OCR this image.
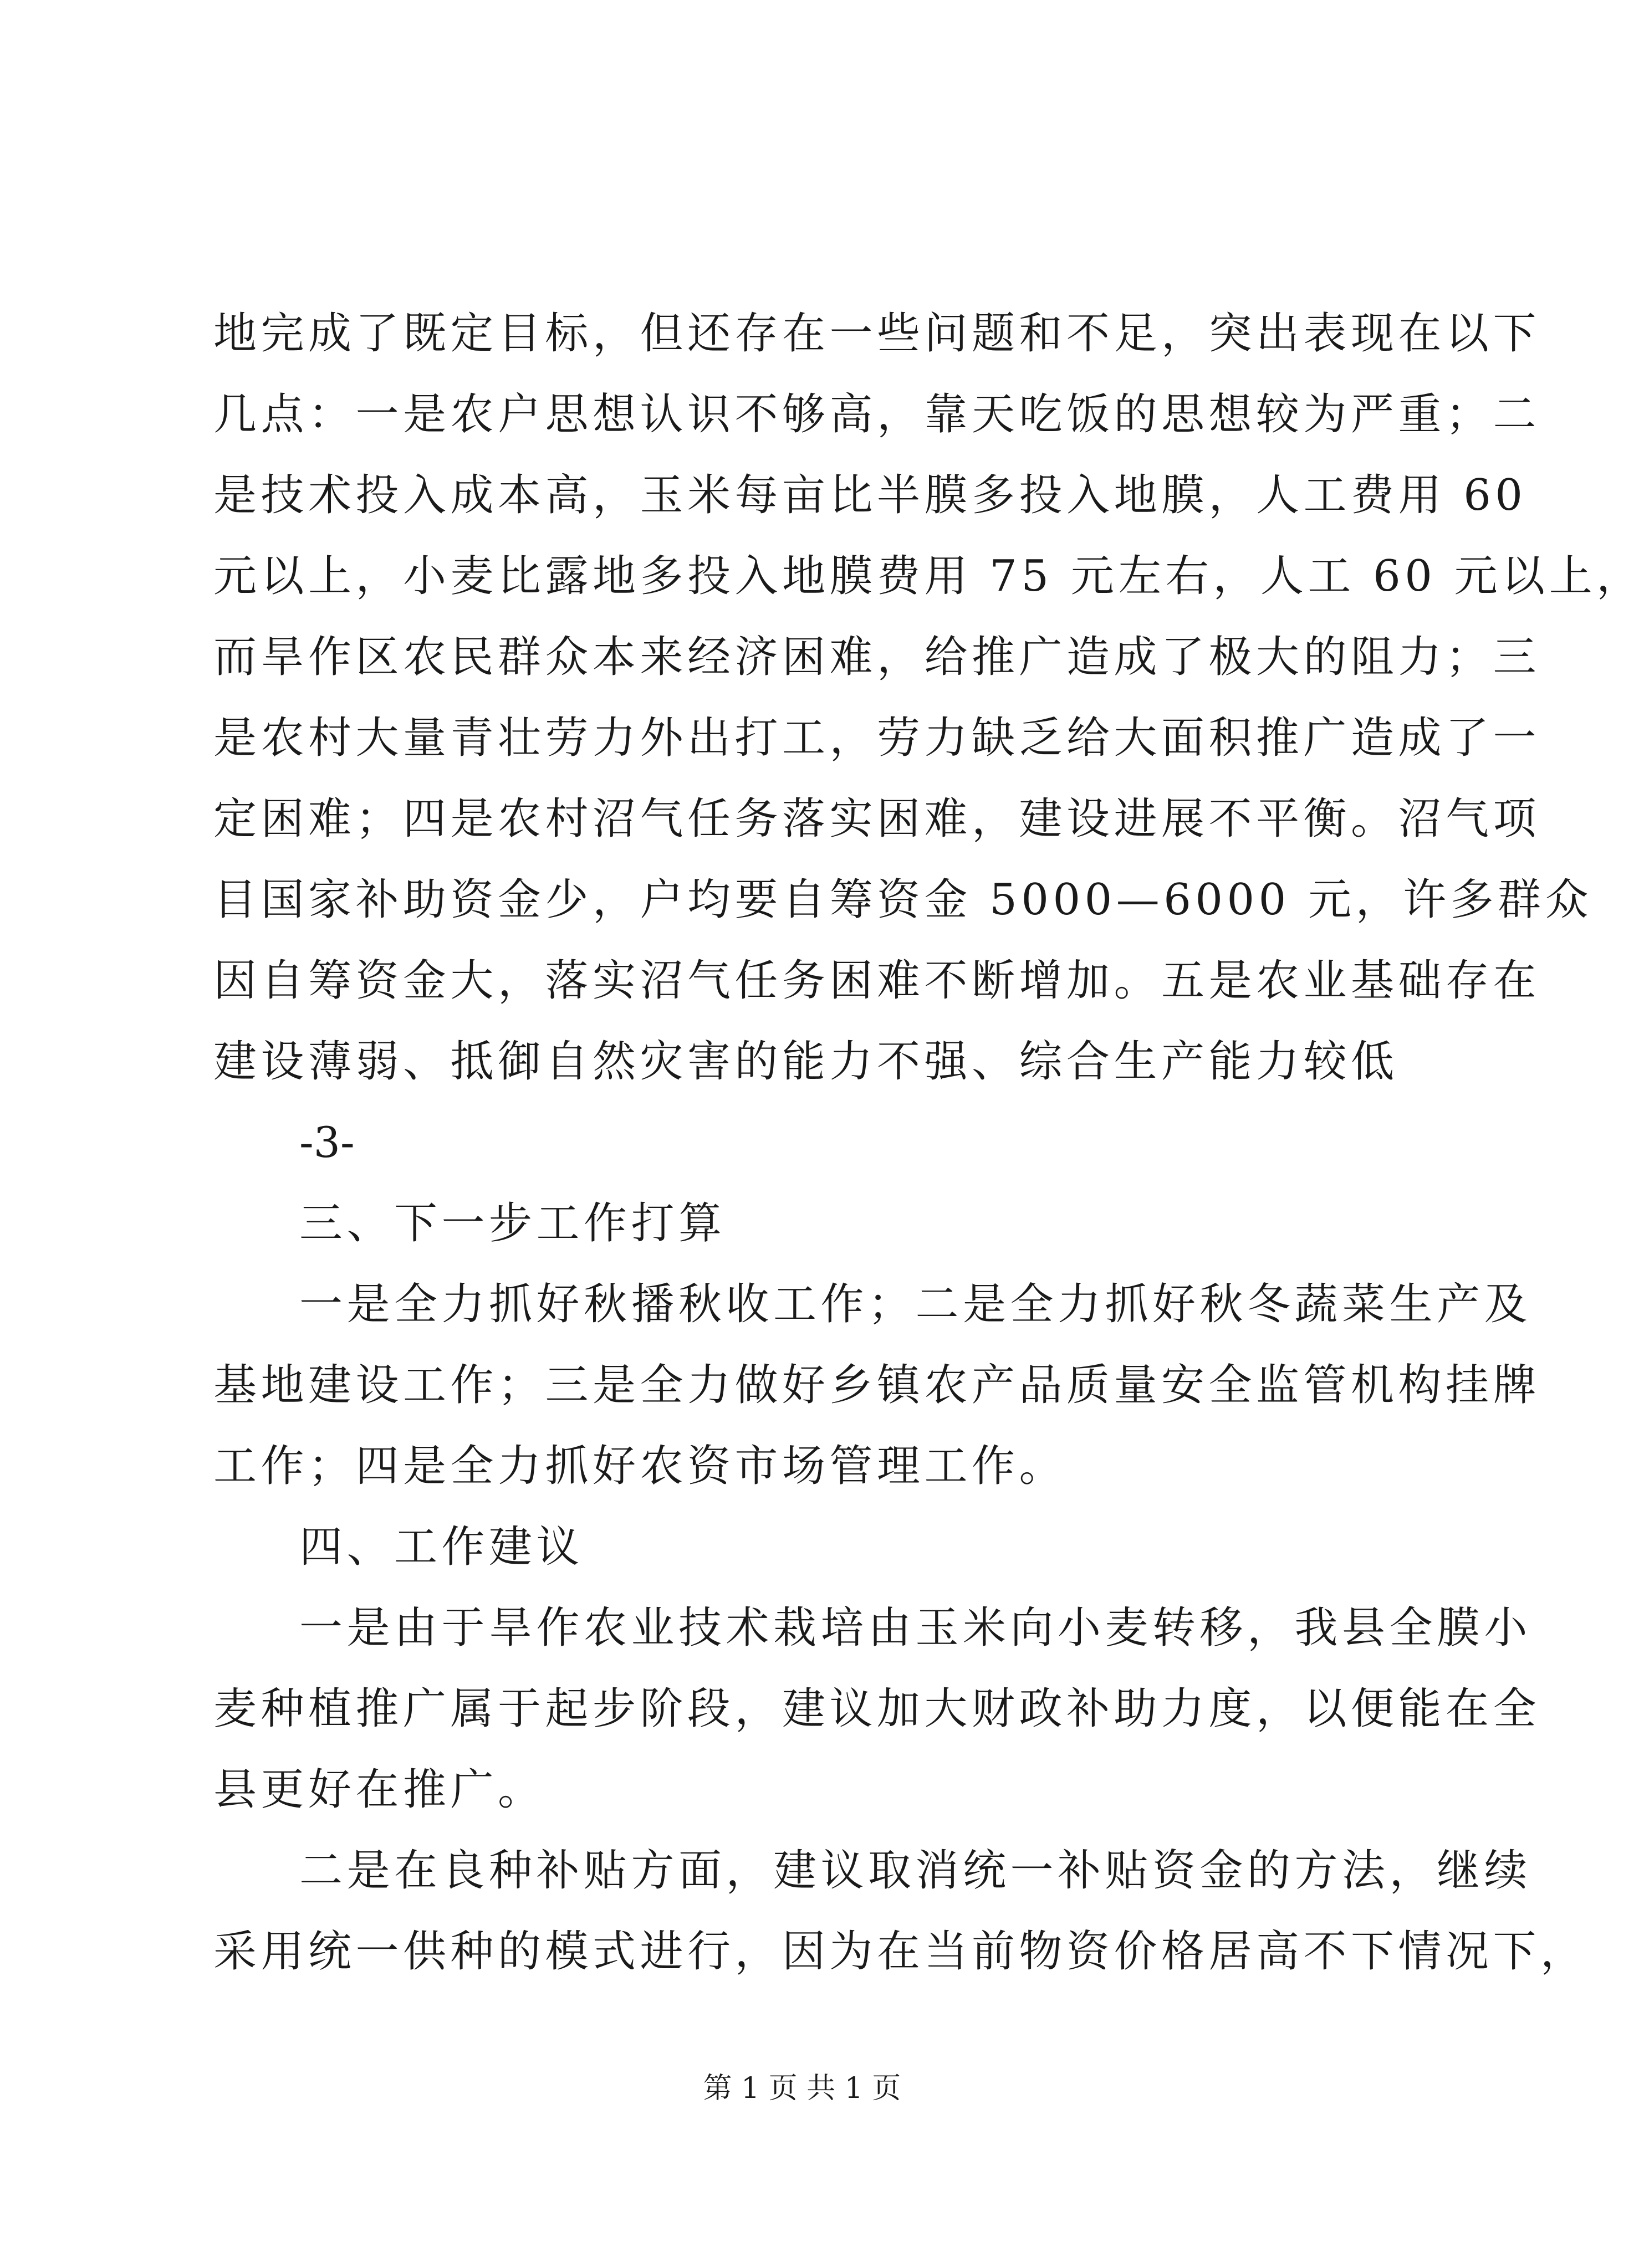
地完成了既定目标，但还存在一些问题和不足，突出表现在以下

几点：一是农户思想认识不够高，靠天吃饭的思想较为严重；二

是技术投入成本高，玉米每亩比半膜多投入地膜，人工费用 60

元以上，小麦比露地多投入地膜费用 75 元左右，人工 60 元以上，

而旱作区农民群众本来经济困难，给推广造成了极大的阻力；三

是农村大量青壮劳力外出打工，劳力缺乏给大面积推广造成了一

定困难；四是农村沼气任务落实困难，建设进展不平衡。沼气项

目国家补助资金少，户均要自筹资金 5000—6000 元，许多群众

因自筹资金大，落实沼气任务困难不断增加。五是农业基础存在

建设薄弱、抵御自然灾害的能力不强、综合生产能力较低

-3-

三、下一步工作打算

一是全力抓好秋播秋收工作；二是全力抓好秋冬蔬菜生产及

基地建设工作；三是全力做好乡镇农产品质量安全监管机构挂牌

工作；四是全力抓好农资市场管理工作。

四、工作建议

一是由于旱作农业技术栽培由玉米向小麦转移，我县全膜小

麦种植推广属于起步阶段，建议加大财政补助力度，以便能在全

县更好在推广。

二是在良种补贴方面，建议取消统一补贴资金的方法，继续

采用统一供种的模式进行，因为在当前物资价格居高不下情况下，

第 1 页 共 1 页
